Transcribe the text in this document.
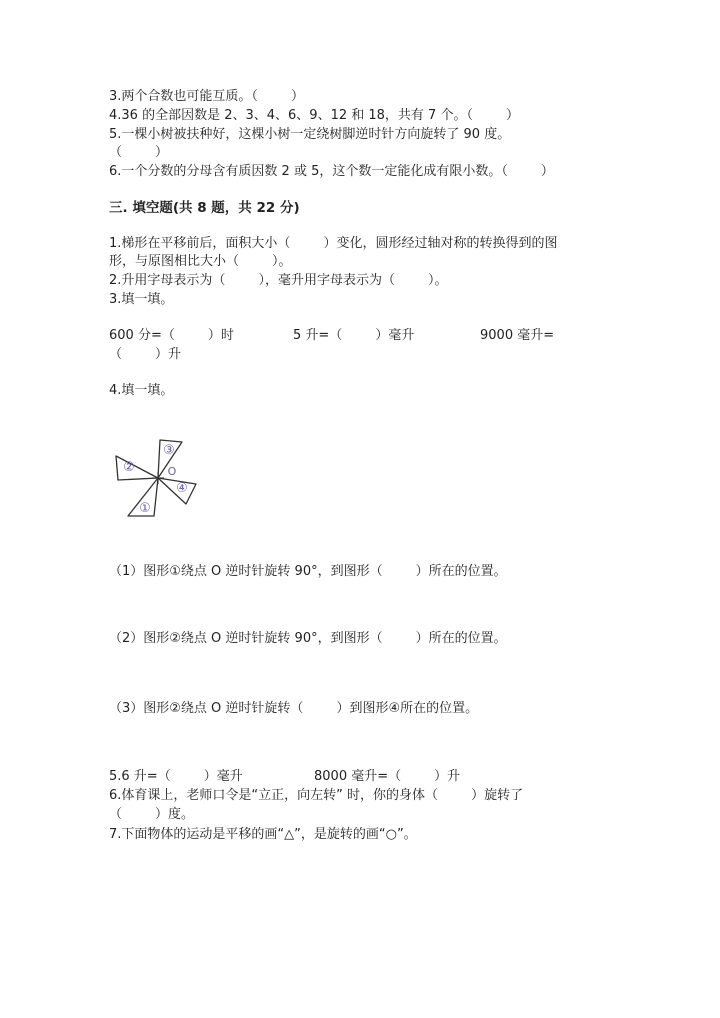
3.两个合数也可能互质。（        ）
4.36 的全部因数是 2、3、4、6、9、12 和 18，共有 7 个。（        ）
5.一棵小树被扶种好，这棵小树一定绕树脚逆时针方向旋转了 90 度。
（        ）
6.一个分数的分母含有质因数 2 或 5，这个数一定能化成有限小数。（        ）
三. 填空题(共 8 题，共 22 分)
1.梯形在平移前后，面积大小（        ）变化，圆形经过轴对称的转换得到的图
形，与原图相比大小（        ）。
2.升用字母表示为（        ），毫升用字母表示为（        ）。
3.填一填。
600 分=（        ）时	5 升=（        ）毫升	9000 毫升=
（        ）升
4.填一填。
①
②
③
④
O
（1）图形①绕点 O 逆时针旋转 90°，到图形（        ）所在的位置。
（2）图形②绕点 O 逆时针旋转 90°，到图形（        ）所在的位置。
（3）图形②绕点 O 逆时针旋转（        ）到图形④所在的位置。
5.6 升=（        ）毫升	8000 毫升=（        ）升
6.体育课上，老师口令是“立正，向左转” 时，你的身体（        ）旋转了
（        ）度。
7.下面物体的运动是平移的画“△”，是旋转的画“○”。
